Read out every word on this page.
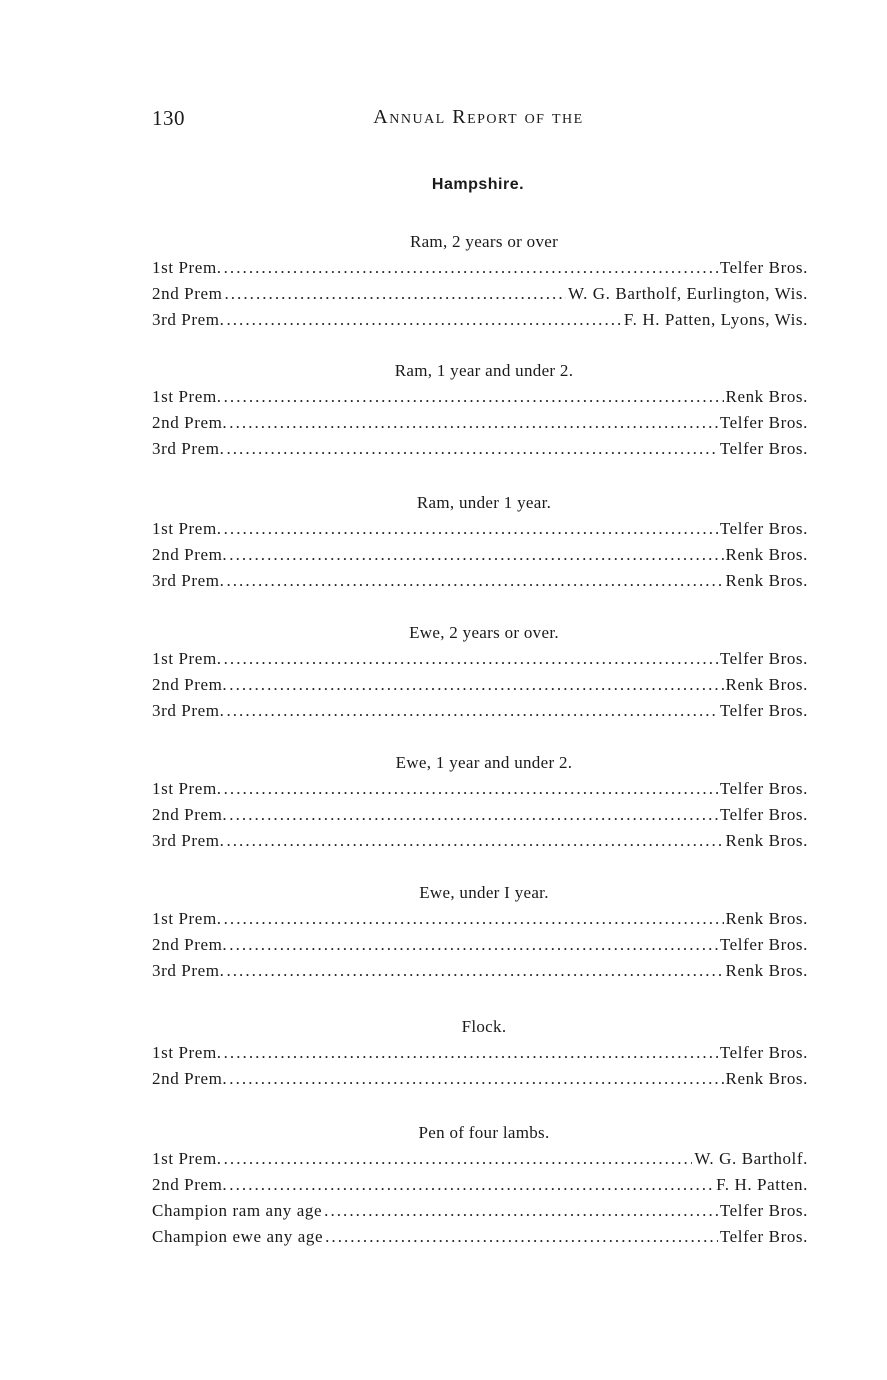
130	Annual Report of the
Hampshire.
Ram, 2 years or over
1st Prem. . . .	Telfer Bros.
2nd Prem . . .	W. G. Bartholf, Eurlington, Wis.
3rd Prem. . . .	F. H. Patten, Lyons, Wis.
Ram, 1 year and under 2.
1st Prem. . . .	Renk Bros.
2nd Prem. . . .	Telfer Bros.
3rd Prem. . . .	Telfer Bros.
Ram, under 1 year.
1st Prem. . . .	Telfer Bros.
2nd Prem. . . .	Renk Bros.
3rd Prem. . . .	Renk Bros.
Ewe, 2 years or over.
1st Prem. . . .	Telfer Bros.
2nd Prem. . . .	Renk Bros.
3rd Prem. . . .	Telfer Bros.
Ewe, 1 year and under 2.
1st Prem. . . .	Telfer Bros.
2nd Prem. . . .	Telfer Bros.
3rd Prem. . . .	Renk Bros.
Ewe, under I year.
1st Prem. . . .	Renk Bros.
2nd Prem. . . .	Telfer Bros.
3rd Prem. . . .	Renk Bros.
Flock.
1st Prem. . . .	Telfer Bros.
2nd Prem. . . .	Renk Bros.
Pen of four lambs.
1st Prem. . . .	W. G. Bartholf.
2nd Prem. . . .	F. H. Patten.
Champion ram any age . . .	Telfer Bros.
Champion ewe any age . . .	Telfer Bros.
